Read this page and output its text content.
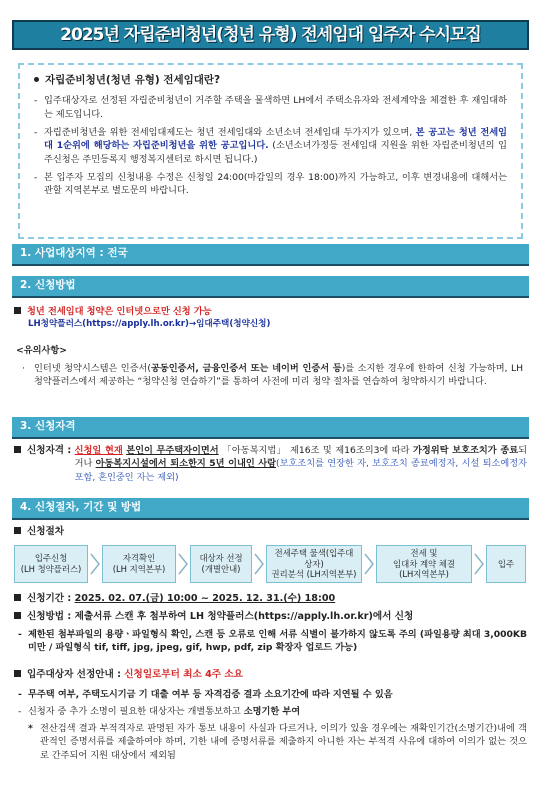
2025년 자립준비청년(청년 유형) 전세임대 입주자 수시모집
자립준비청년(청년 유형) 전세임대란?
- 입주대상자로 선정된 자립준비청년이 거주할 주택을 물색하면 LH에서 주택소유자와 전세계약을 체결한 후 재임대하는 제도입니다.
- 자립준비청년을 위한 전세임대제도는 청년 전세임대와 소년소녀 전세임대 두가지가 있으며, 본 공고는 청년 전세임대 1순위에 해당하는 자립준비청년을 위한 공고입니다. (소년소녀가정등 전세임대 지원을 위한 자립준비청년의 입주신청은 주민등록지 행정복지센터로 하시면 됩니다.)
- 본 입주자 모집의 신청내용 수정은 신청일 24:00(마감일의 경우 18:00)까지 가능하고, 이후 변경내용에 대해서는 관할 지역본부로 별도문의 바랍니다.
1. 사업대상지역 : 전국
2. 신청방법
청년 전세임대 청약은 인터넷으로만 신청 가능
LH청약플러스(https://apply.lh.or.kr)→임대주택(청약신청)
<유의사항>
· 인터넷 청약시스템은 인증서(공동인증서, 금융인증서 또는 네이버 인증서 등)를 소지한 경우에 한하여 신청 가능하며, LH 청약플러스에서 제공하는 “청약신청 연습하기”를 통하여 사전에 미리 청약 절차를 연습하여 청약하시기 바랍니다.
3. 신청자격
신청자격 : 신청일 현재 본인이 무주택자이면서 「아동복지법」 제16조 및 제16조의3에 따라 가정위탁 보호조치가 종료되거나 아동복지시설에서 퇴소한지 5년 이내인 사람(보호조치를 연장한 자, 보호조치 종료예정자, 시설 퇴소예정자 포함, 혼인중인 자는 제외)
4. 신청절차, 기간 및 방법
신청절차
입주신청
(LH 청약플러스)
자격확인
(LH 지역본부)
대상자 선정
(개별안내)
전세주택 물색(입주대상자)
권리분석 (LH지역본부)
전세 및
임대차 계약 체결
(LH지역본부)
입주
신청기간 : 2025. 02. 07.(금) 10:00 ~ 2025. 12. 31.(수) 18:00
신청방법 : 제출서류 스캔 후 첨부하여 LH 청약플러스(https://apply.lh.or.kr)에서 신청
- 제한된 첨부파일의 용량ㆍ파일형식 확인, 스캔 등 오류로 인해 서류 식별이 불가하지 않도록 주의 (파일용량 최대 3,000KB 미만 / 파일형식 tif, tiff, jpg, jpeg, gif, hwp, pdf, zip 확장자 업로드 가능)
입주대상자 선정안내 : 신청일로부터 최소 4주 소요
- 무주택 여부, 주택도시기금 기 대출 여부 등 자격검증 결과 소요기간에 따라 지연될 수 있음
- 신청자 중 추가 소명이 필요한 대상자는 개별통보하고 소명기한 부여
* 전산검색 결과 부적격자로 판명된 자가 통보 내용이 사실과 다르거나, 이의가 있을 경우에는 재확인기간(소명기간)내에 객관적인 증명서류를 제출하여야 하며, 기한 내에 증명서류를 제출하지 아니한 자는 부적격 사유에 대하여 이의가 없는 것으로 간주되어 지원 대상에서 제외됨
